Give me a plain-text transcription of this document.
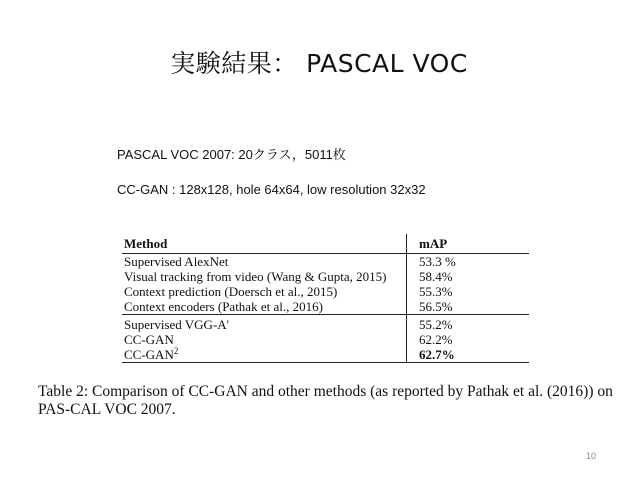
実験結果： PASCAL VOC
PASCAL VOC 2007: 20クラス，5011枚
CC-GAN : 128x128, hole 64x64, low resolution 32x32
Method	mAP
Supervised AlexNet	53.3 %
Visual tracking from video (Wang & Gupta, 2015)	58.4%
Context prediction (Doersch et al., 2015)	55.3%
Context encoders (Pathak et al., 2016)	56.5%
Supervised VGG-A'	55.2%
CC-GAN	62.2%
CC-GAN$^2$	62.7%
Table 2: Comparison of CC-GAN and other methods (as reported by Pathak et al. (2016)) on PAS-CAL VOC 2007.
10
